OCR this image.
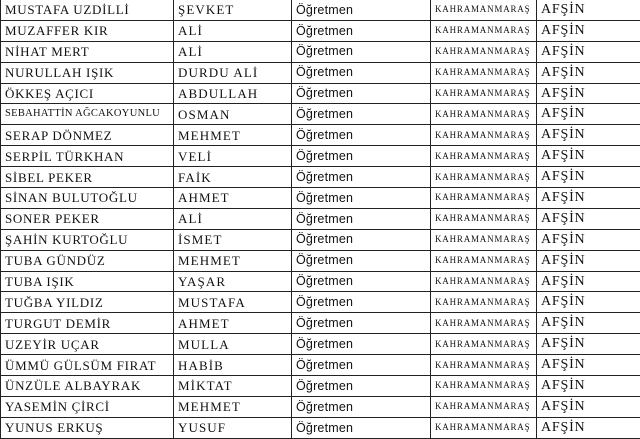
MUSTAFA UZDİLLİ	ŞEVKET	Öğretmen	KAHRAMANMARAŞ	AFŞİN
MUZAFFER KIR	ALİ	Öğretmen	KAHRAMANMARAŞ	AFŞİN
NİHAT MERT	ALİ	Öğretmen	KAHRAMANMARAŞ	AFŞİN
NURULLAH IŞIK	DURDU ALİ	Öğretmen	KAHRAMANMARAŞ	AFŞİN
ÖKKEŞ AÇICI	ABDULLAH	Öğretmen	KAHRAMANMARAŞ	AFŞİN
SEBAHATTİN AĞCAKOYUNLU	OSMAN	Öğretmen	KAHRAMANMARAŞ	AFŞİN
SERAP DÖNMEZ	MEHMET	Öğretmen	KAHRAMANMARAŞ	AFŞİN
SERPİL TÜRKHAN	VELİ	Öğretmen	KAHRAMANMARAŞ	AFŞİN
SİBEL PEKER	FAİK	Öğretmen	KAHRAMANMARAŞ	AFŞİN
SİNAN BULUTOĞLU	AHMET	Öğretmen	KAHRAMANMARAŞ	AFŞİN
SONER PEKER	ALİ	Öğretmen	KAHRAMANMARAŞ	AFŞİN
ŞAHİN KURTOĞLU	İSMET	Öğretmen	KAHRAMANMARAŞ	AFŞİN
TUBA GÜNDÜZ	MEHMET	Öğretmen	KAHRAMANMARAŞ	AFŞİN
TUBA IŞIK	YAŞAR	Öğretmen	KAHRAMANMARAŞ	AFŞİN
TUĞBA YILDIZ	MUSTAFA	Öğretmen	KAHRAMANMARAŞ	AFŞİN
TURGUT DEMİR	AHMET	Öğretmen	KAHRAMANMARAŞ	AFŞİN
UZEYİR UÇAR	MULLA	Öğretmen	KAHRAMANMARAŞ	AFŞİN
ÜMMÜ GÜLSÜM FIRAT	HABİB	Öğretmen	KAHRAMANMARAŞ	AFŞİN
ÜNZÜLE ALBAYRAK	MİKTAT	Öğretmen	KAHRAMANMARAŞ	AFŞİN
YASEMİN ÇİRCİ	MEHMET	Öğretmen	KAHRAMANMARAŞ	AFŞİN
YUNUS ERKUŞ	YUSUF	Öğretmen	KAHRAMANMARAŞ	AFŞİN
